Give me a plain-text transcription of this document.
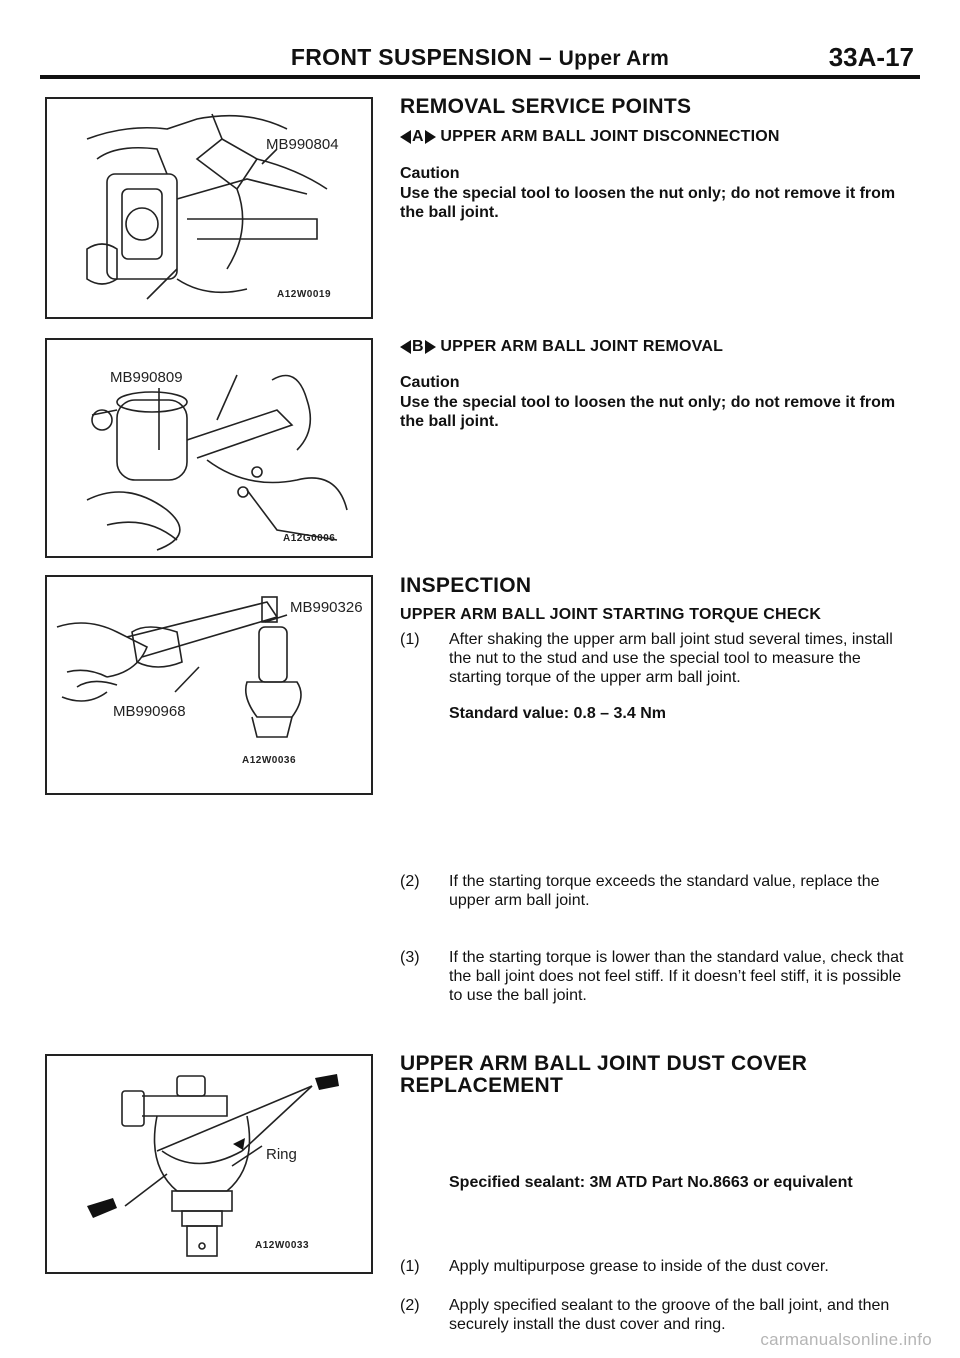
FRONT SUSPENSION – Upper Arm	33A-17
MB990804
A12W0019
MB990809
A12G0006
MB990326
MB990968
A12W0036
Ring
A12W0033
REMOVAL SERVICE POINTS
A UPPER ARM BALL JOINT DISCONNECTION
Caution
Use the special tool to loosen the nut only; do not remove it from the ball joint.
B UPPER ARM BALL JOINT REMOVAL
Caution
Use the special tool to loosen the nut only; do not remove it from the ball joint.
INSPECTION
UPPER ARM BALL JOINT STARTING TORQUE CHECK
(1) After shaking the upper arm ball joint stud several times, install the nut to the stud and use the special tool to measure the starting torque of the upper arm ball joint.
Standard value: 0.8 – 3.4 Nm
(2) If the starting torque exceeds the standard value, replace the upper arm ball joint.
(3) If the starting torque is lower than the standard value, check that the ball joint does not feel stiff. If it doesn’t feel stiff, it is possible to use the ball joint.
UPPER ARM BALL JOINT DUST COVER
REPLACEMENT
(1) Apply multipurpose grease to inside of the dust cover.
(2) Apply specified sealant to the groove of the ball joint, and then securely install the dust cover and ring.
Specified sealant: 3M ATD Part No.8663 or equivalent
carmanualsonline.info
